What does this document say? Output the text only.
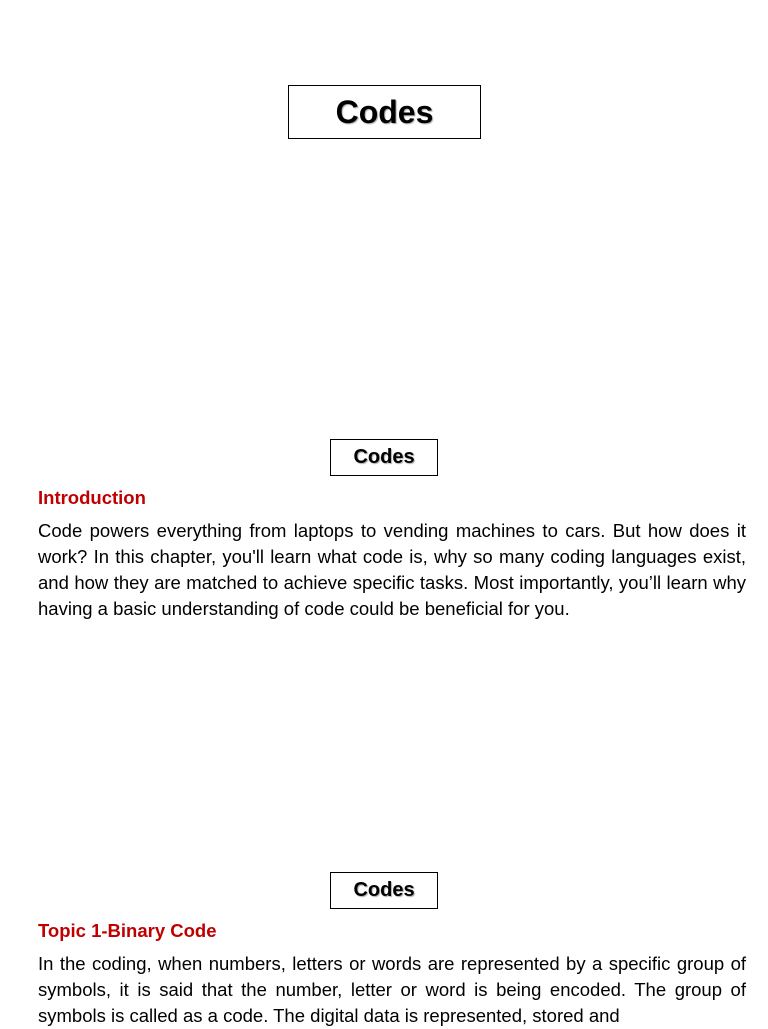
Codes
Codes
Introduction

Code powers everything from laptops to vending machines to cars. But how does it work? In this chapter, you'll learn what code is, why so many coding languages exist, and how they are matched to achieve specific tasks. Most importantly, you’ll learn why having a basic understanding of code could be beneficial for you.

Codes
Topic 1-Binary Code

In the coding, when numbers, letters or words are represented by a specific group of symbols, it is said that the number, letter or word is being encoded. The group of symbols is called as a code. The digital data is represented, stored and
